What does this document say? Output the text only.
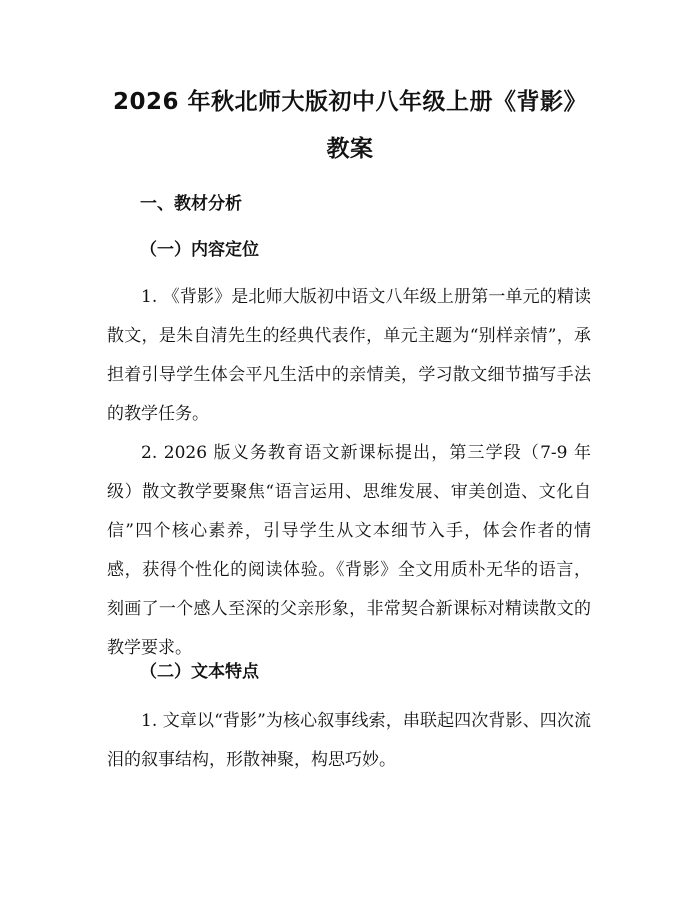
2026 年秋北师大版初中八年级上册《背影》
教案
一、教材分析
（一）内容定位

1. 《背影》是北师大版初中语文八年级上册第一单元的精读散文，是朱自清先生的经典代表作，单元主题为“别样亲情”，承担着引导学生体会平凡生活中的亲情美，学习散文细节描写手法的教学任务。

2. 2026 版义务教育语文新课标提出，第三学段（7-9 年级）散文教学要聚焦“语言运用、思维发展、审美创造、文化自信”四个核心素养，引导学生从文本细节入手，体会作者的情感，获得个性化的阅读体验。《背影》全文用质朴无华的语言，刻画了一个感人至深的父亲形象，非常契合新课标对精读散文的教学要求。

（二）文本特点

1. 文章以“背影”为核心叙事线索，串联起四次背影、四次流泪的叙事结构，形散神聚，构思巧妙。
